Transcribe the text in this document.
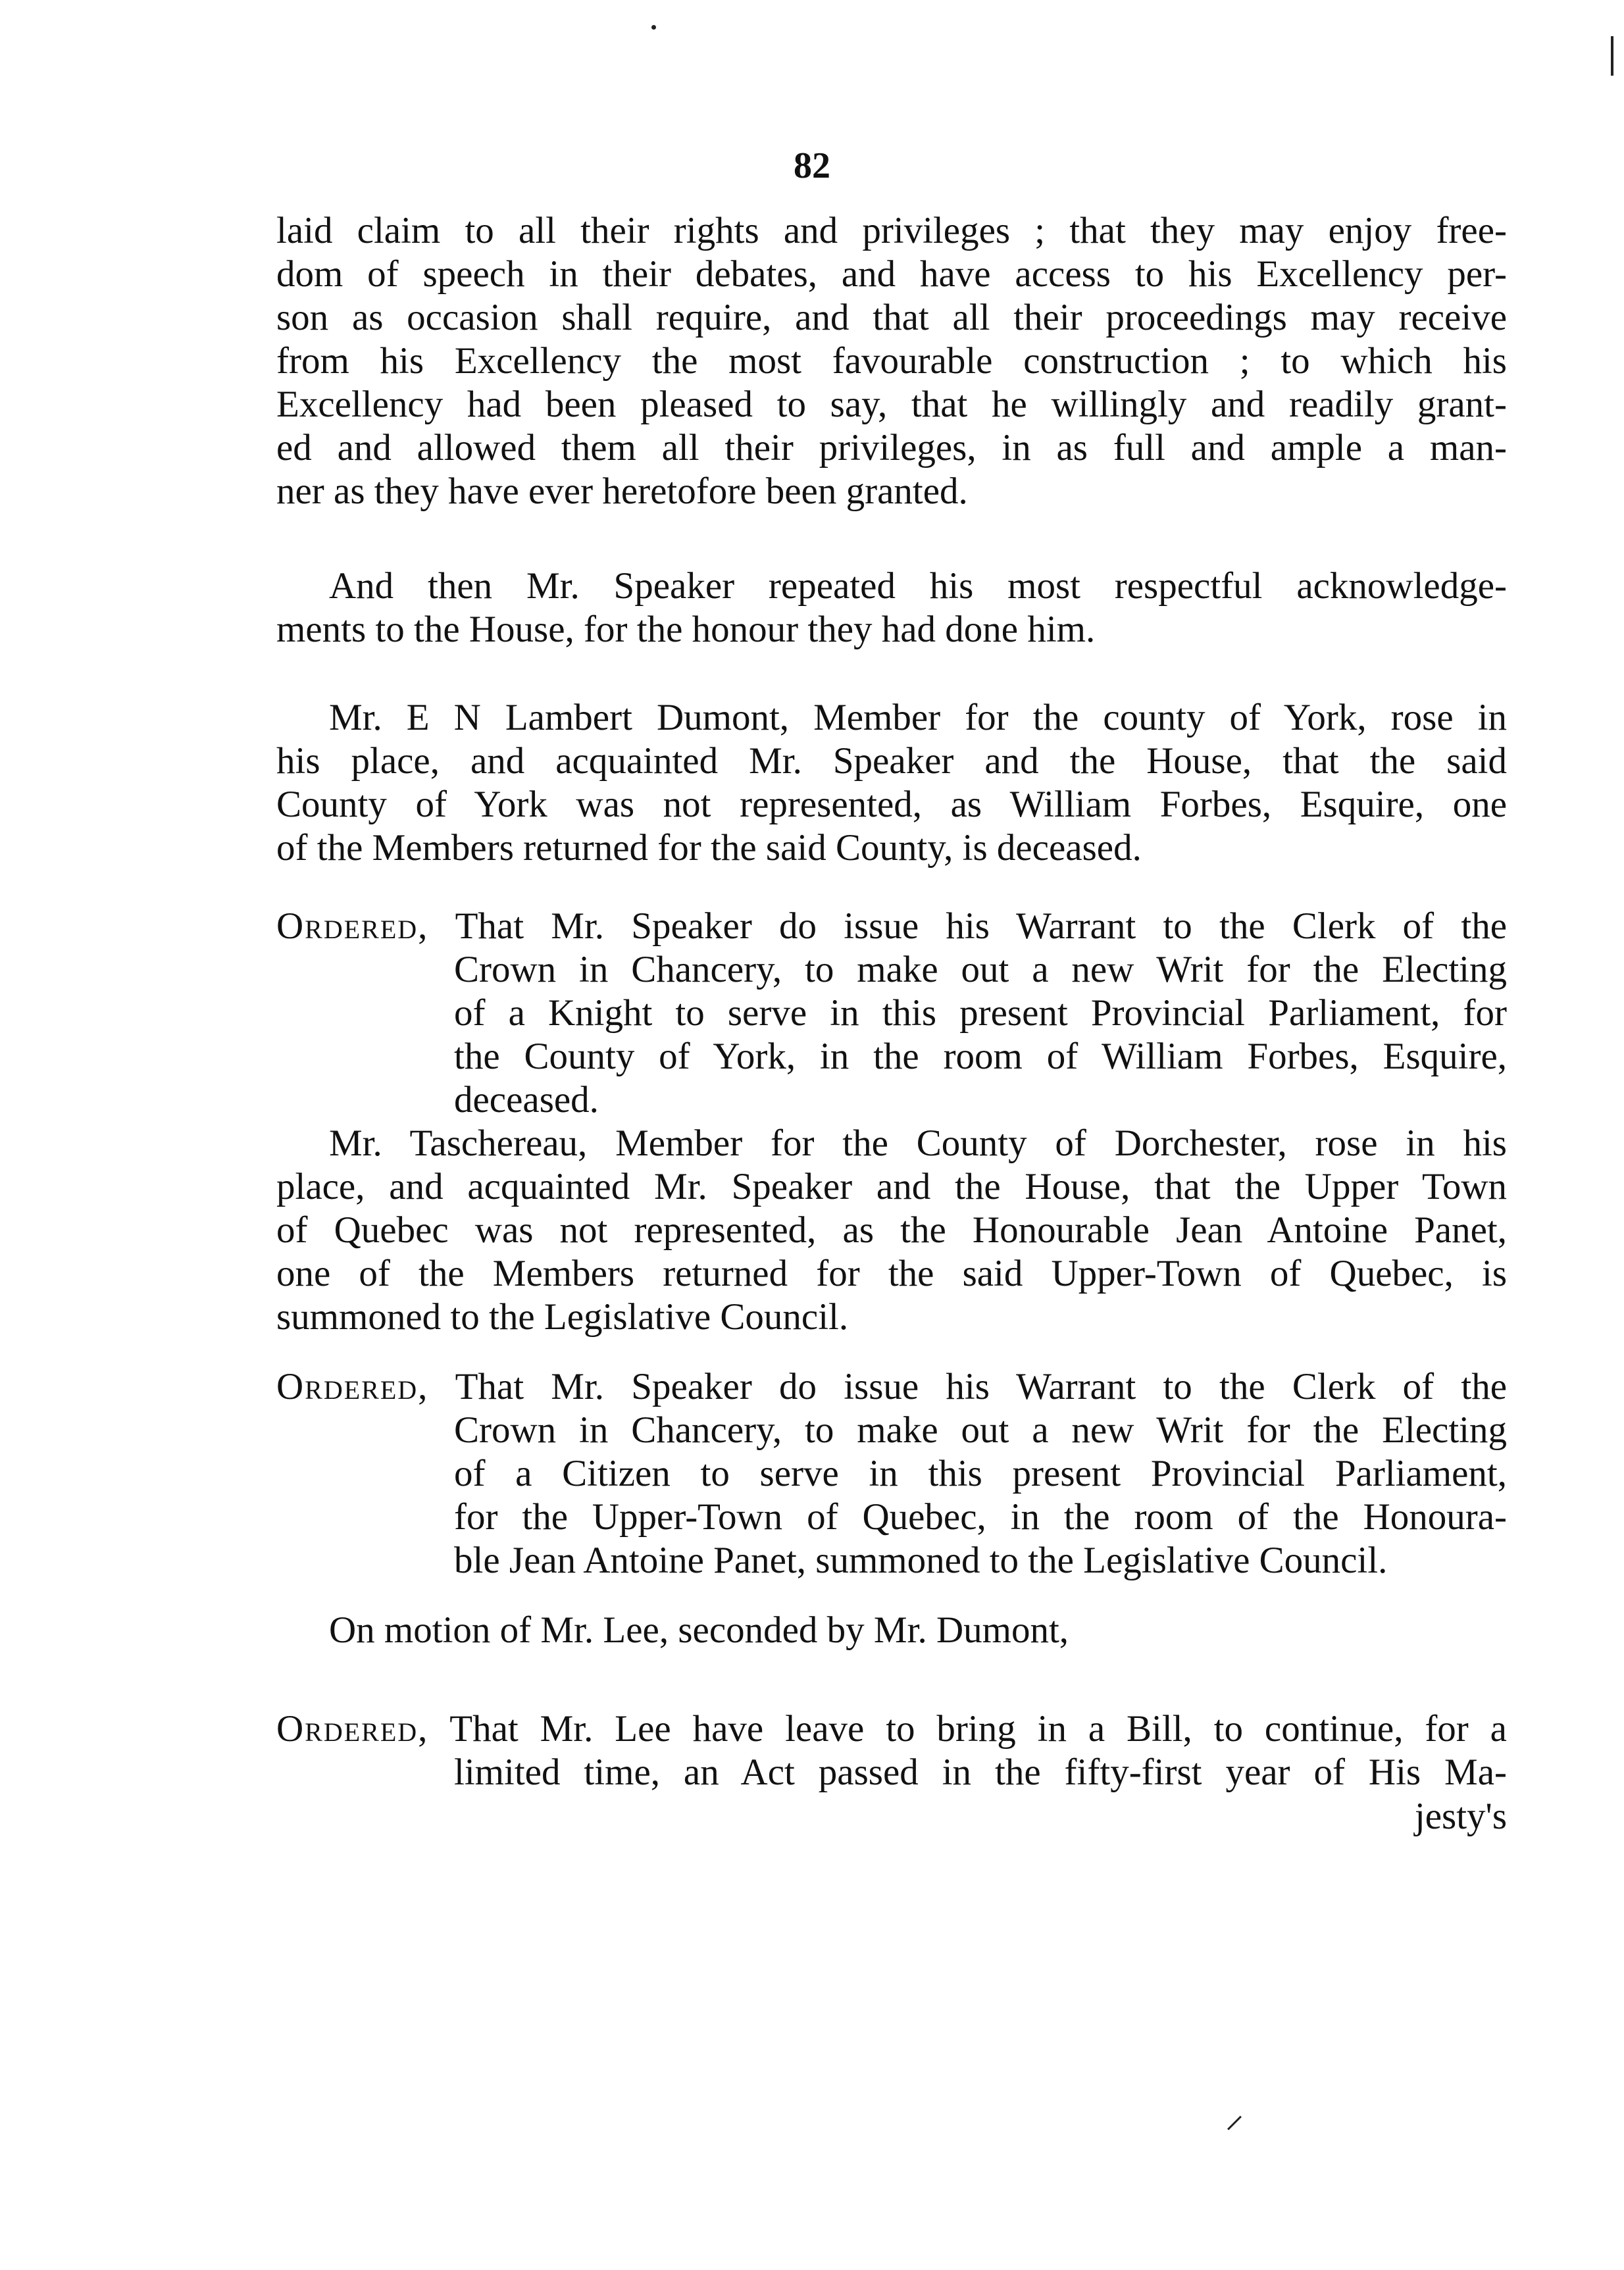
82
laid claim to all their rights and privileges ; that they may enjoy free-
dom of speech in their debates, and have access to his Excellency per-
son as occasion shall require, and that all their proceedings may receive
from his Excellency the most favourable construction ; to which his
Excellency had been pleased to say, that he willingly and readily grant-
ed and allowed them all their privileges, in as full and ample a man-
ner as they have ever heretofore been granted.
And then Mr. Speaker repeated his most respectful acknowledge-
ments to the House, for the honour they had done him.
Mr. E N Lambert Dumont, Member for the county of York, rose in
his place, and acquainted Mr. Speaker and the House, that the said
County of York was not represented, as William Forbes, Esquire, one
of the Members returned for the said County, is deceased.
Ordered, That Mr. Speaker do issue his Warrant to the Clerk of the
Crown in Chancery, to make out a new Writ for the Electing
of a Knight to serve in this present Provincial Parliament, for
the County of York, in the room of William Forbes, Esquire,
deceased.
Mr. Taschereau, Member for the County of Dorchester, rose in his
place, and acquainted Mr. Speaker and the House, that the Upper Town
of Quebec was not represented, as the Honourable Jean Antoine Panet,
one of the Members returned for the said Upper-Town of Quebec, is
summoned to the Legislative Council.
Ordered, That Mr. Speaker do issue his Warrant to the Clerk of the
Crown in Chancery, to make out a new Writ for the Electing
of a Citizen to serve in this present Provincial Parliament,
for the Upper-Town of Quebec, in the room of the Honoura-
ble Jean Antoine Panet, summoned to the Legislative Council.
On motion of Mr. Lee, seconded by Mr. Dumont,
Ordered, That Mr. Lee have leave to bring in a Bill, to continue, for a
limited time, an Act passed in the fifty-first year of His Ma-
jesty's
